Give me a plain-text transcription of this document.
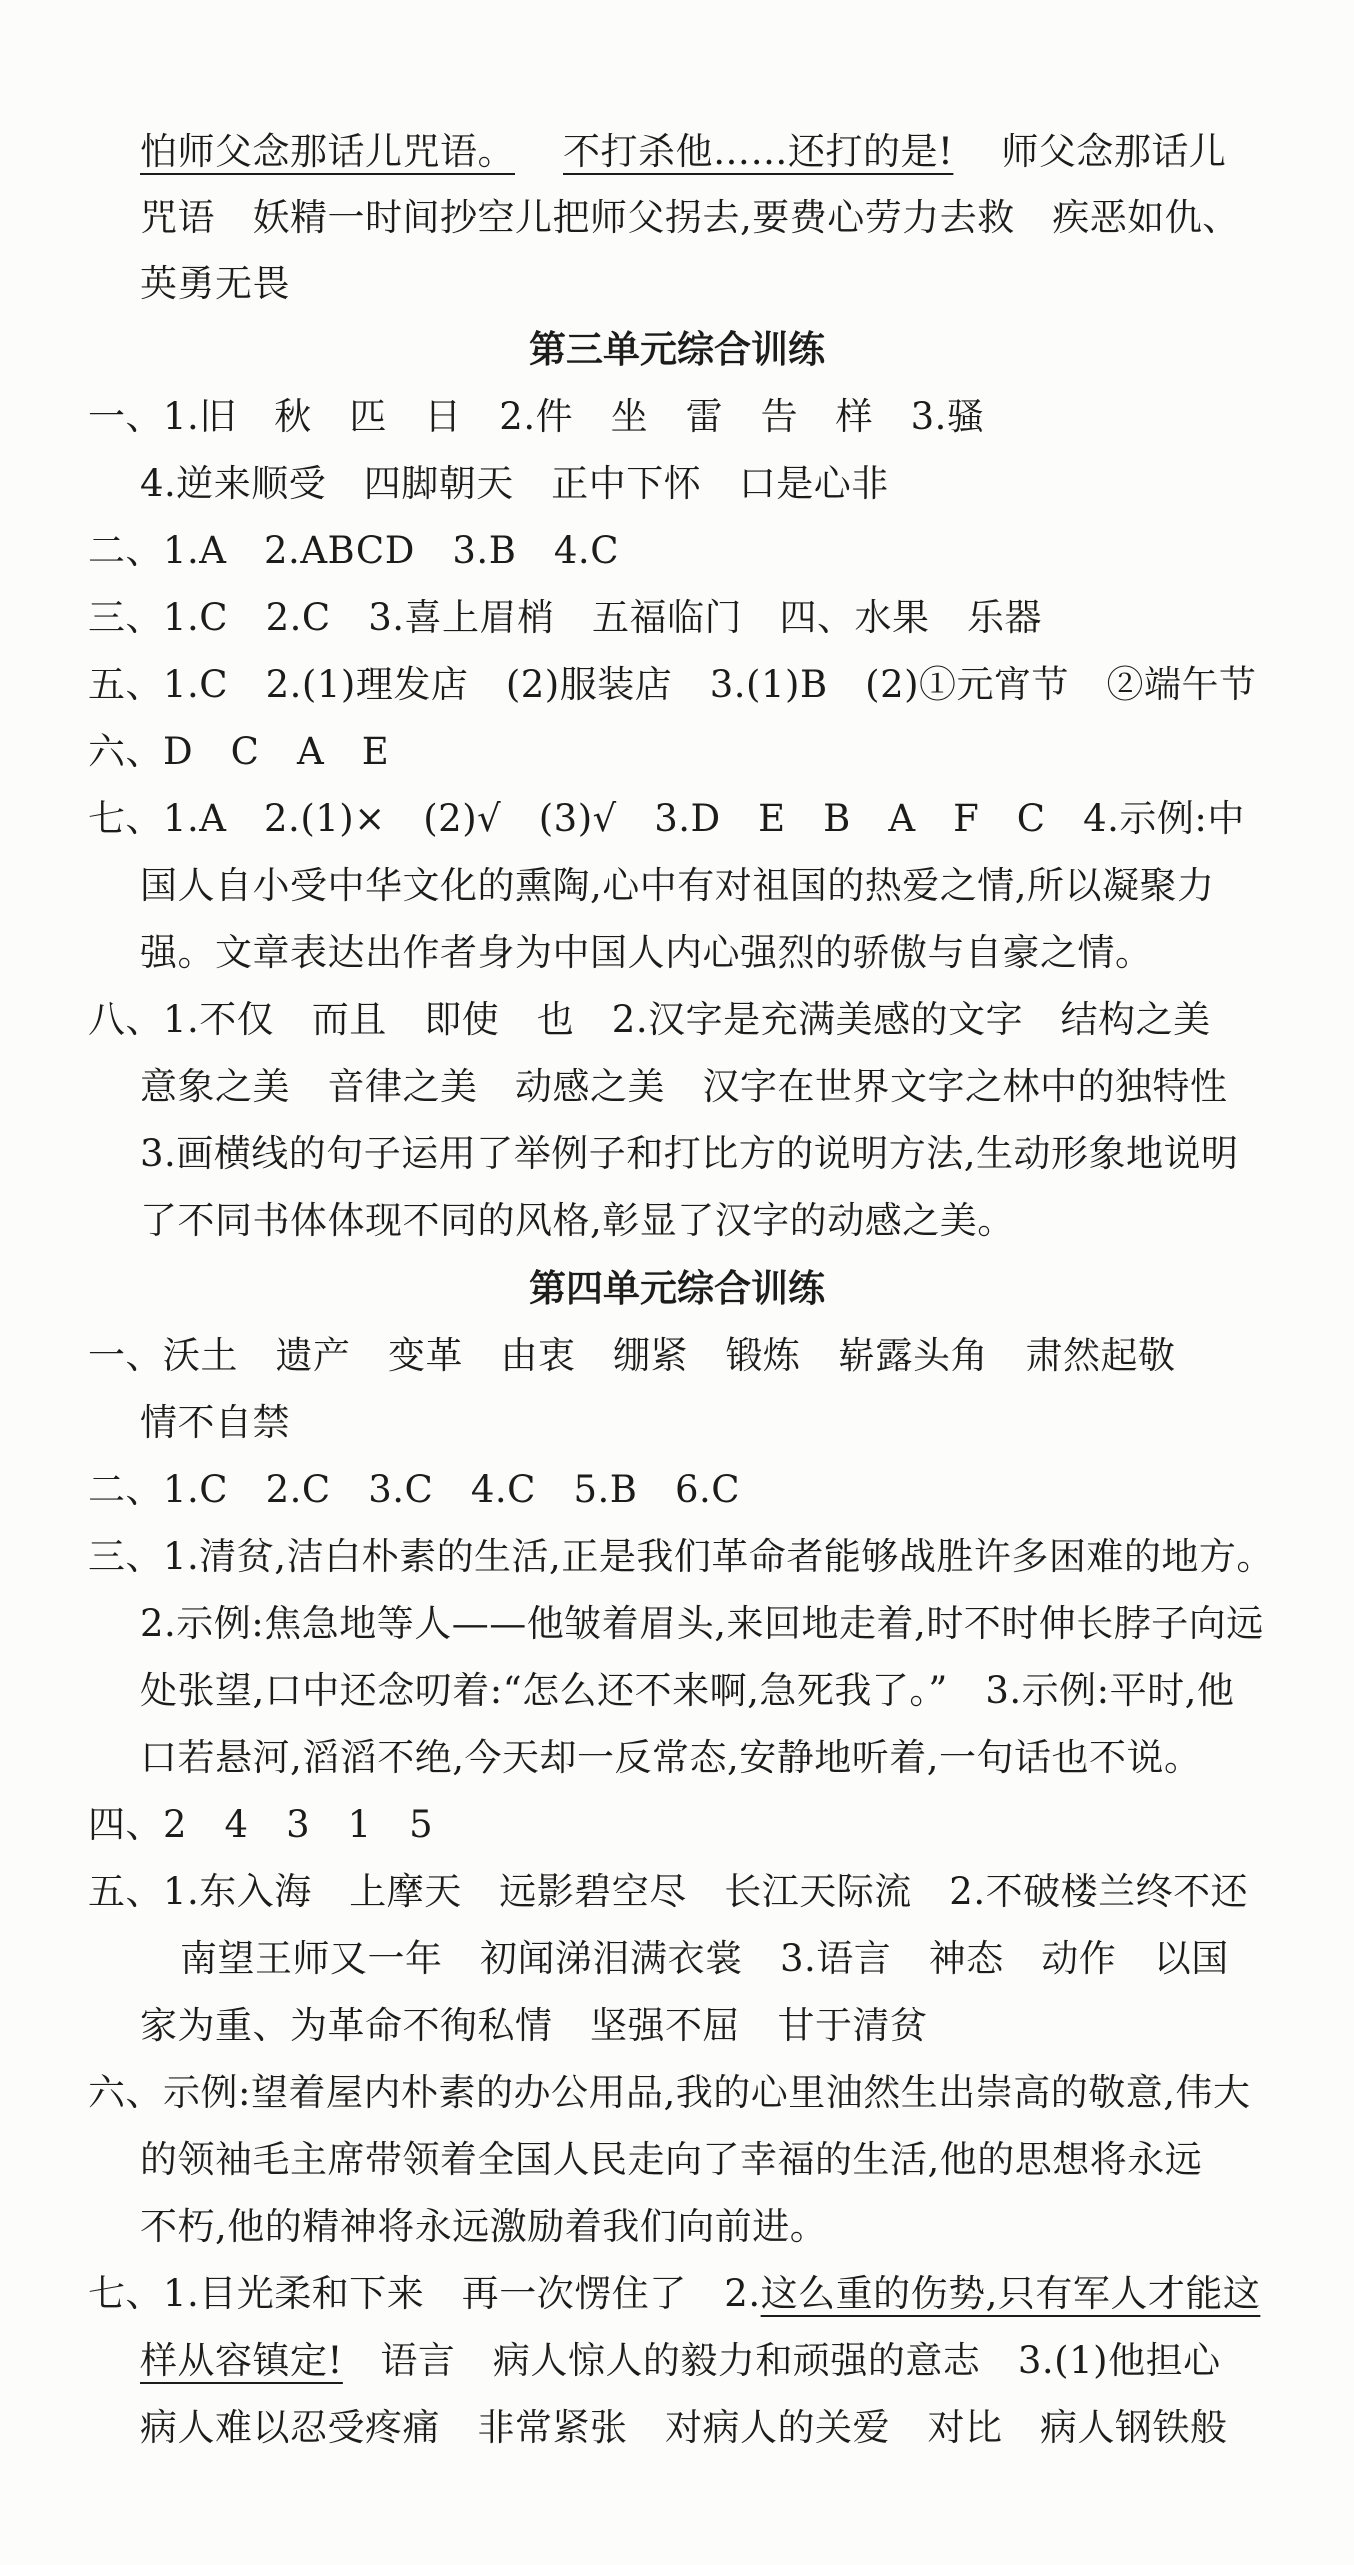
怕师父念那话儿咒语。 不打杀他……还打的是! 师父念那话儿
咒语　妖精一时间抄空儿把师父拐去,要费心劳力去救　疾恶如仇、
英勇无畏
第三单元综合训练
一、1.旧　秋　匹　日　2.件　坐　雷　告　样　3.骚
4.逆来顺受　四脚朝天　正中下怀　口是心非
二、1.A　2.ABCD　3.B　4.C
三、1.C　2.C　3.喜上眉梢　五福临门　四、水果　乐器
五、1.C　2.(1)理发店　(2)服装店　3.(1)B　(2)①元宵节　②端午节
六、D　C　A　E
七、1.A　2.(1)×　(2)√　(3)√　3.D　E　B　A　F　C　4.示例:中
国人自小受中华文化的熏陶,心中有对祖国的热爱之情,所以凝聚力
强。文章表达出作者身为中国人内心强烈的骄傲与自豪之情。
八、1.不仅　而且　即使　也　2.汉字是充满美感的文字　结构之美
意象之美　音律之美　动感之美　汉字在世界文字之林中的独特性
3.画横线的句子运用了举例子和打比方的说明方法,生动形象地说明
了不同书体体现不同的风格,彰显了汉字的动感之美。
第四单元综合训练
一、沃土　遗产　变革　由衷　绷紧　锻炼　崭露头角　肃然起敬
情不自禁
二、1.C　2.C　3.C　4.C　5.B　6.C
三、1.清贫,洁白朴素的生活,正是我们革命者能够战胜许多困难的地方。
2.示例:焦急地等人——他皱着眉头,来回地走着,时不时伸长脖子向远
处张望,口中还念叨着:“怎么还不来啊,急死我了。”　3.示例:平时,他
口若悬河,滔滔不绝,今天却一反常态,安静地听着,一句话也不说。
四、2　4　3　1　5
五、1.东入海　上摩天　远影碧空尽　长江天际流　2.不破楼兰终不还
南望王师又一年　初闻涕泪满衣裳　3.语言　神态　动作　以国
家为重、为革命不徇私情　坚强不屈　甘于清贫
六、示例:望着屋内朴素的办公用品,我的心里油然生出崇高的敬意,伟大
的领袖毛主席带领着全国人民走向了幸福的生活,他的思想将永远
不朽,他的精神将永远激励着我们向前进。
七、1.目光柔和下来　再一次愣住了　2.这么重的伤势,只有军人才能这
样从容镇定!　语言　病人惊人的毅力和顽强的意志　3.(1)他担心
病人难以忍受疼痛　非常紧张　对病人的关爱　对比　病人钢铁般
